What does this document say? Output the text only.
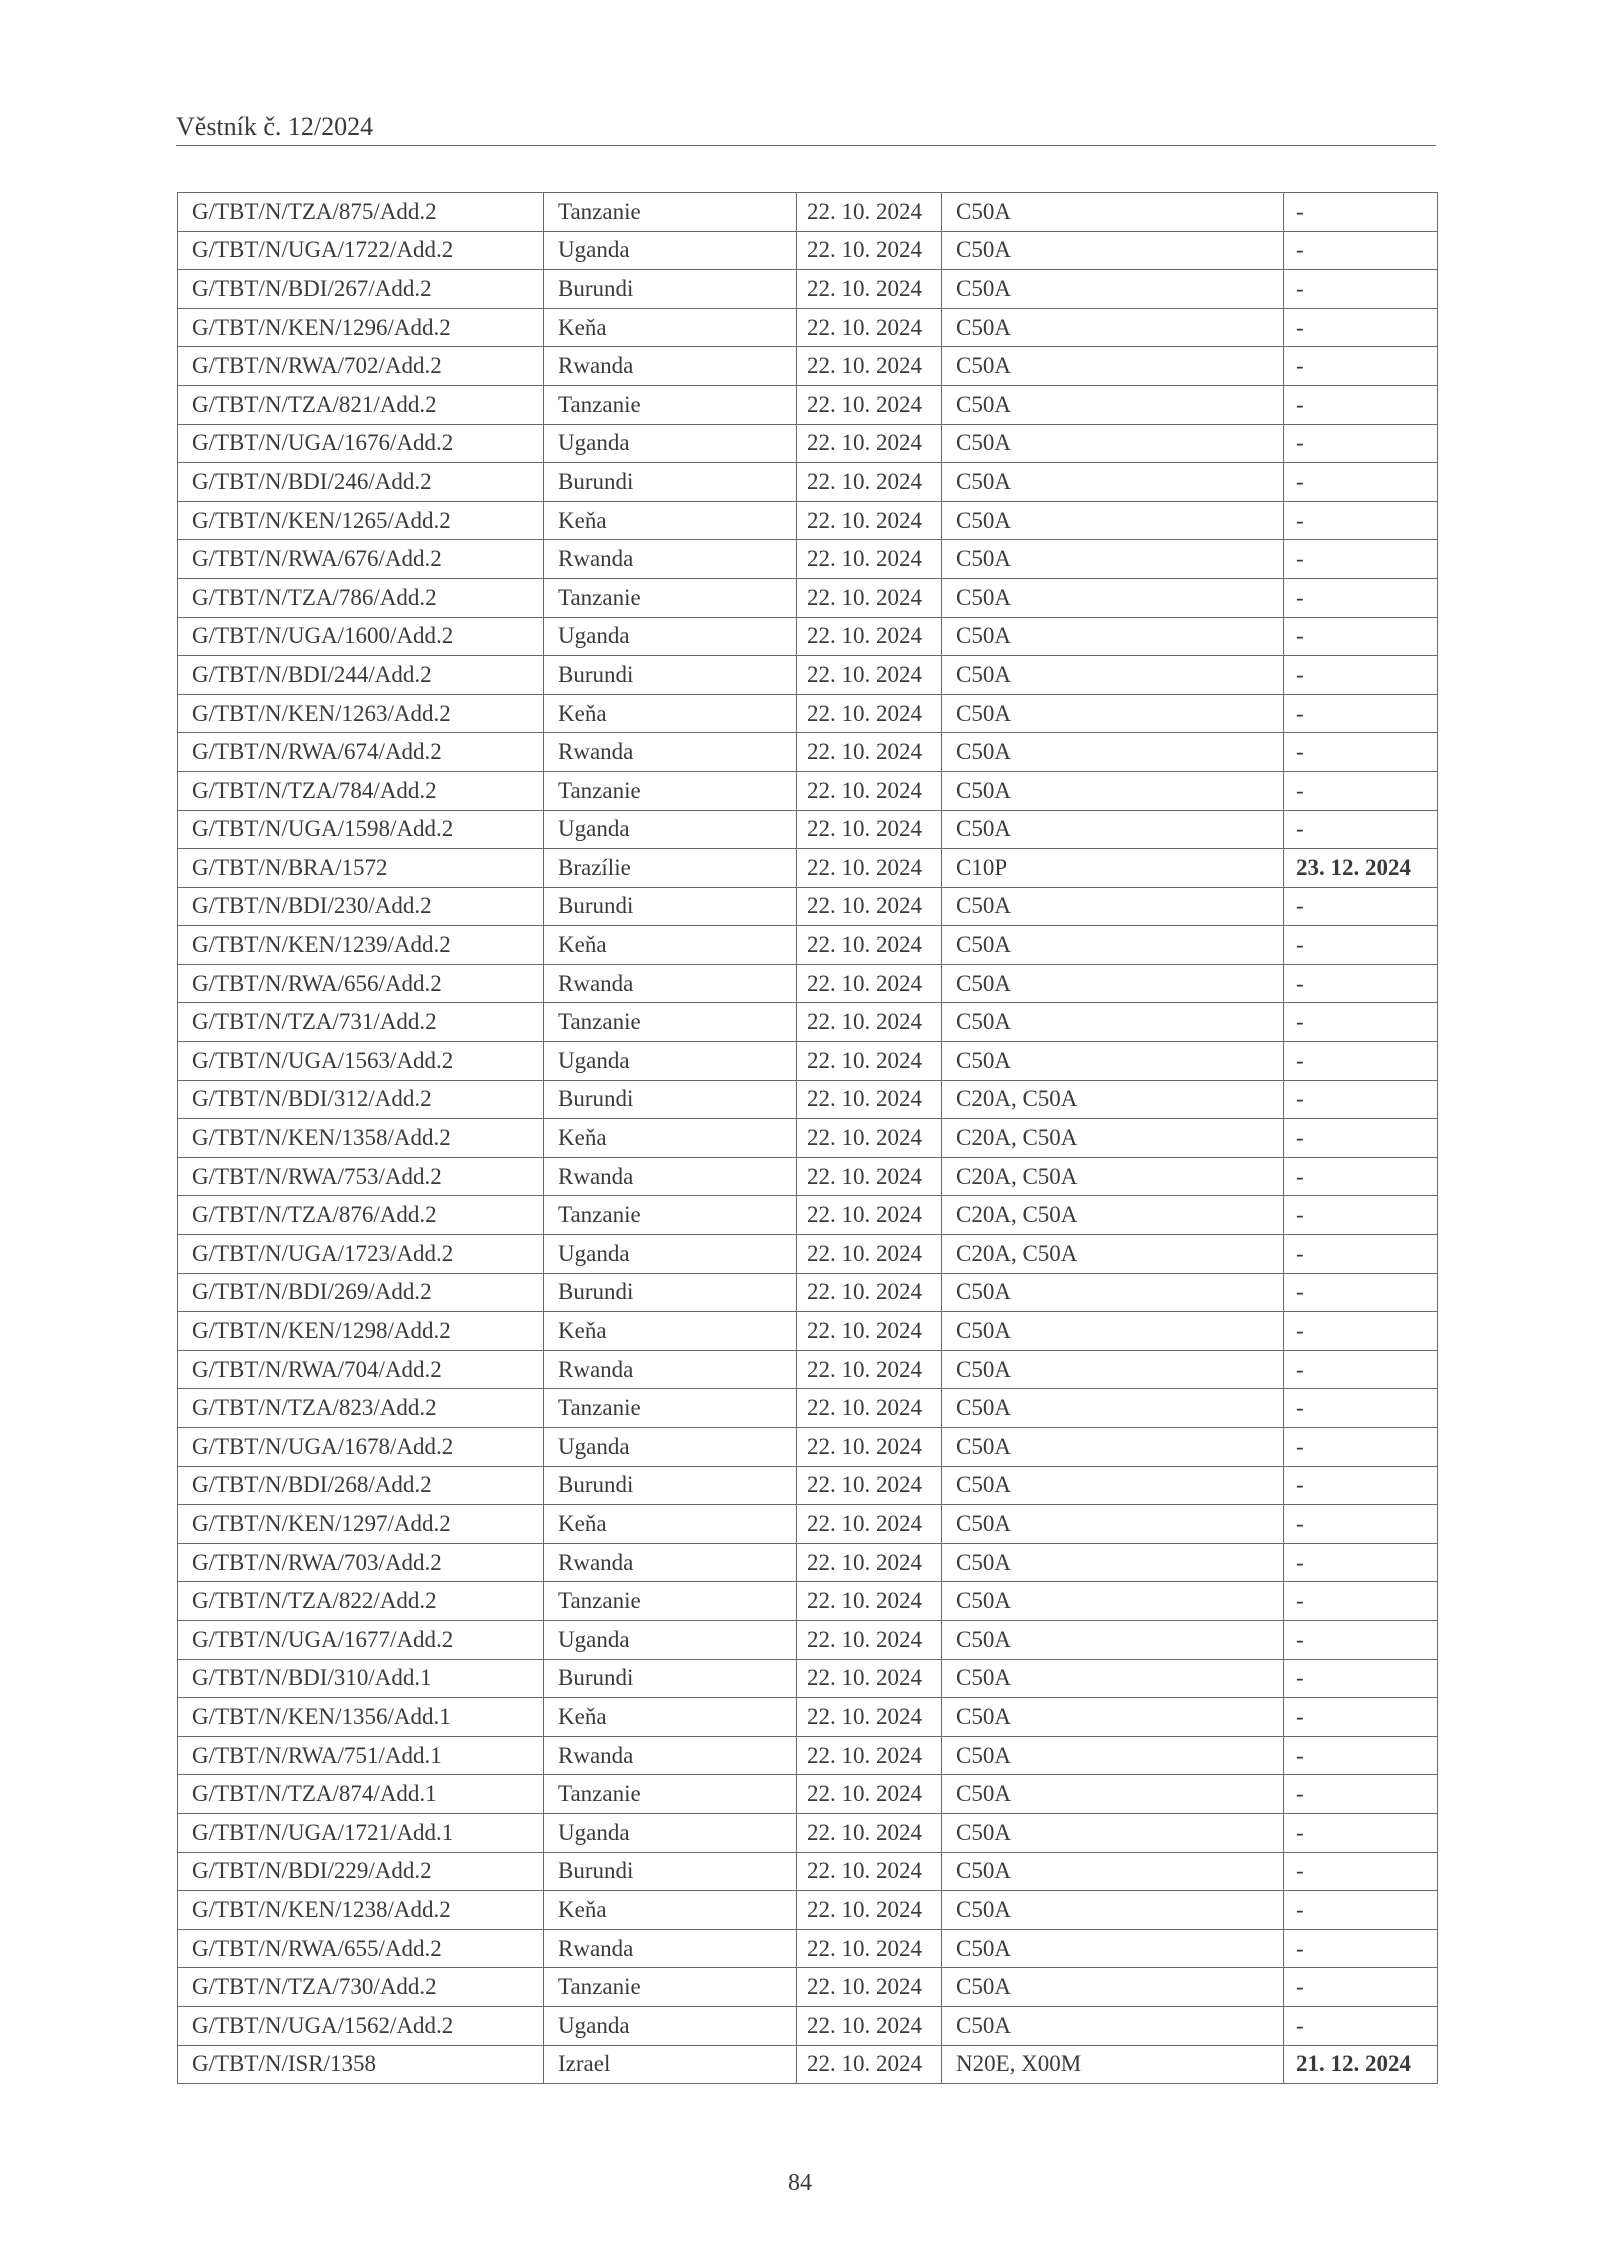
Věstník č. 12/2024
G/TBT/N/TZA/875/Add.2	Tanzanie	22. 10. 2024	C50A	-
G/TBT/N/UGA/1722/Add.2	Uganda	22. 10. 2024	C50A	-
G/TBT/N/BDI/267/Add.2	Burundi	22. 10. 2024	C50A	-
G/TBT/N/KEN/1296/Add.2	Keňa	22. 10. 2024	C50A	-
G/TBT/N/RWA/702/Add.2	Rwanda	22. 10. 2024	C50A	-
G/TBT/N/TZA/821/Add.2	Tanzanie	22. 10. 2024	C50A	-
G/TBT/N/UGA/1676/Add.2	Uganda	22. 10. 2024	C50A	-
G/TBT/N/BDI/246/Add.2	Burundi	22. 10. 2024	C50A	-
G/TBT/N/KEN/1265/Add.2	Keňa	22. 10. 2024	C50A	-
G/TBT/N/RWA/676/Add.2	Rwanda	22. 10. 2024	C50A	-
G/TBT/N/TZA/786/Add.2	Tanzanie	22. 10. 2024	C50A	-
G/TBT/N/UGA/1600/Add.2	Uganda	22. 10. 2024	C50A	-
G/TBT/N/BDI/244/Add.2	Burundi	22. 10. 2024	C50A	-
G/TBT/N/KEN/1263/Add.2	Keňa	22. 10. 2024	C50A	-
G/TBT/N/RWA/674/Add.2	Rwanda	22. 10. 2024	C50A	-
G/TBT/N/TZA/784/Add.2	Tanzanie	22. 10. 2024	C50A	-
G/TBT/N/UGA/1598/Add.2	Uganda	22. 10. 2024	C50A	-
G/TBT/N/BRA/1572	Brazílie	22. 10. 2024	C10P	23. 12. 2024
G/TBT/N/BDI/230/Add.2	Burundi	22. 10. 2024	C50A	-
G/TBT/N/KEN/1239/Add.2	Keňa	22. 10. 2024	C50A	-
G/TBT/N/RWA/656/Add.2	Rwanda	22. 10. 2024	C50A	-
G/TBT/N/TZA/731/Add.2	Tanzanie	22. 10. 2024	C50A	-
G/TBT/N/UGA/1563/Add.2	Uganda	22. 10. 2024	C50A	-
G/TBT/N/BDI/312/Add.2	Burundi	22. 10. 2024	C20A, C50A	-
G/TBT/N/KEN/1358/Add.2	Keňa	22. 10. 2024	C20A, C50A	-
G/TBT/N/RWA/753/Add.2	Rwanda	22. 10. 2024	C20A, C50A	-
G/TBT/N/TZA/876/Add.2	Tanzanie	22. 10. 2024	C20A, C50A	-
G/TBT/N/UGA/1723/Add.2	Uganda	22. 10. 2024	C20A, C50A	-
G/TBT/N/BDI/269/Add.2	Burundi	22. 10. 2024	C50A	-
G/TBT/N/KEN/1298/Add.2	Keňa	22. 10. 2024	C50A	-
G/TBT/N/RWA/704/Add.2	Rwanda	22. 10. 2024	C50A	-
G/TBT/N/TZA/823/Add.2	Tanzanie	22. 10. 2024	C50A	-
G/TBT/N/UGA/1678/Add.2	Uganda	22. 10. 2024	C50A	-
G/TBT/N/BDI/268/Add.2	Burundi	22. 10. 2024	C50A	-
G/TBT/N/KEN/1297/Add.2	Keňa	22. 10. 2024	C50A	-
G/TBT/N/RWA/703/Add.2	Rwanda	22. 10. 2024	C50A	-
G/TBT/N/TZA/822/Add.2	Tanzanie	22. 10. 2024	C50A	-
G/TBT/N/UGA/1677/Add.2	Uganda	22. 10. 2024	C50A	-
G/TBT/N/BDI/310/Add.1	Burundi	22. 10. 2024	C50A	-
G/TBT/N/KEN/1356/Add.1	Keňa	22. 10. 2024	C50A	-
G/TBT/N/RWA/751/Add.1	Rwanda	22. 10. 2024	C50A	-
G/TBT/N/TZA/874/Add.1	Tanzanie	22. 10. 2024	C50A	-
G/TBT/N/UGA/1721/Add.1	Uganda	22. 10. 2024	C50A	-
G/TBT/N/BDI/229/Add.2	Burundi	22. 10. 2024	C50A	-
G/TBT/N/KEN/1238/Add.2	Keňa	22. 10. 2024	C50A	-
G/TBT/N/RWA/655/Add.2	Rwanda	22. 10. 2024	C50A	-
G/TBT/N/TZA/730/Add.2	Tanzanie	22. 10. 2024	C50A	-
G/TBT/N/UGA/1562/Add.2	Uganda	22. 10. 2024	C50A	-
G/TBT/N/ISR/1358	Izrael	22. 10. 2024	N20E, X00M	21. 12. 2024
84
